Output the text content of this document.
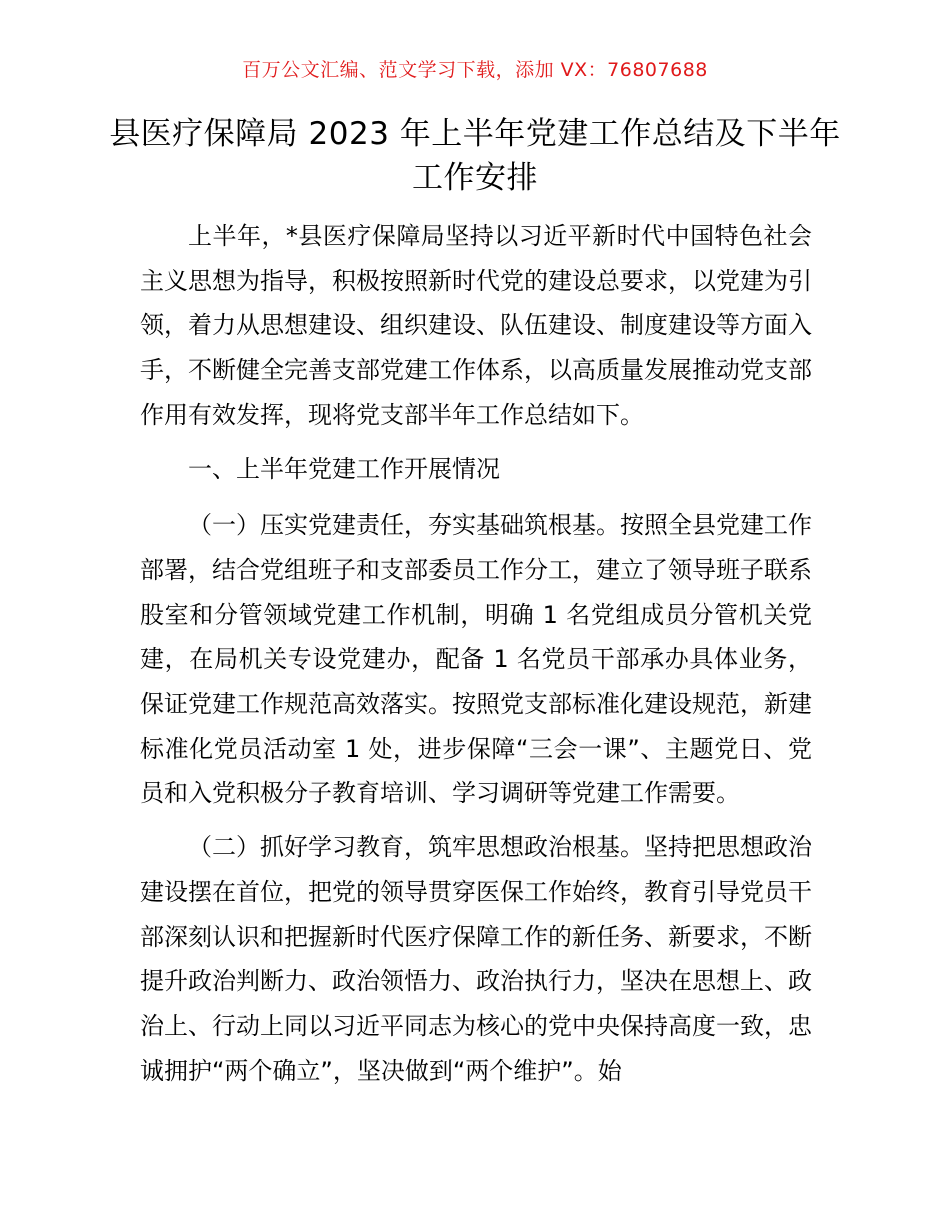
百万公文汇编、范文学习下载，添加 VX：76807688
县医疗保障局 2023 年上半年党建工作总结及下半年工作安排

上半年，*县医疗保障局坚持以习近平新时代中国特色社会主义思想为指导，积极按照新时代党的建设总要求，以党建为引领，着力从思想建设、组织建设、队伍建设、制度建设等方面入手，不断健全完善支部党建工作体系，以高质量发展推动党支部作用有效发挥，现将党支部半年工作总结如下。

一、上半年党建工作开展情况

（一）压实党建责任，夯实基础筑根基。按照全县党建工作部署，结合党组班子和支部委员工作分工，建立了领导班子联系股室和分管领域党建工作机制，明确 1 名党组成员分管机关党建，在局机关专设党建办，配备 1 名党员干部承办具体业务，保证党建工作规范高效落实。按照党支部标准化建设规范，新建标准化党员活动室 1 处，进步保障“三会一课”、主题党日、党员和入党积极分子教育培训、学习调研等党建工作需要。

（二）抓好学习教育，筑牢思想政治根基。坚持把思想政治建设摆在首位，把党的领导贯穿医保工作始终，教育引导党员干部深刻认识和把握新时代医疗保障工作的新任务、新要求，不断提升政治判断力、政治领悟力、政治执行力，坚决在思想上、政治上、行动上同以习近平同志为核心的党中央保持高度一致，忠诚拥护“两个确立”，坚决做到“两个维护”。始
